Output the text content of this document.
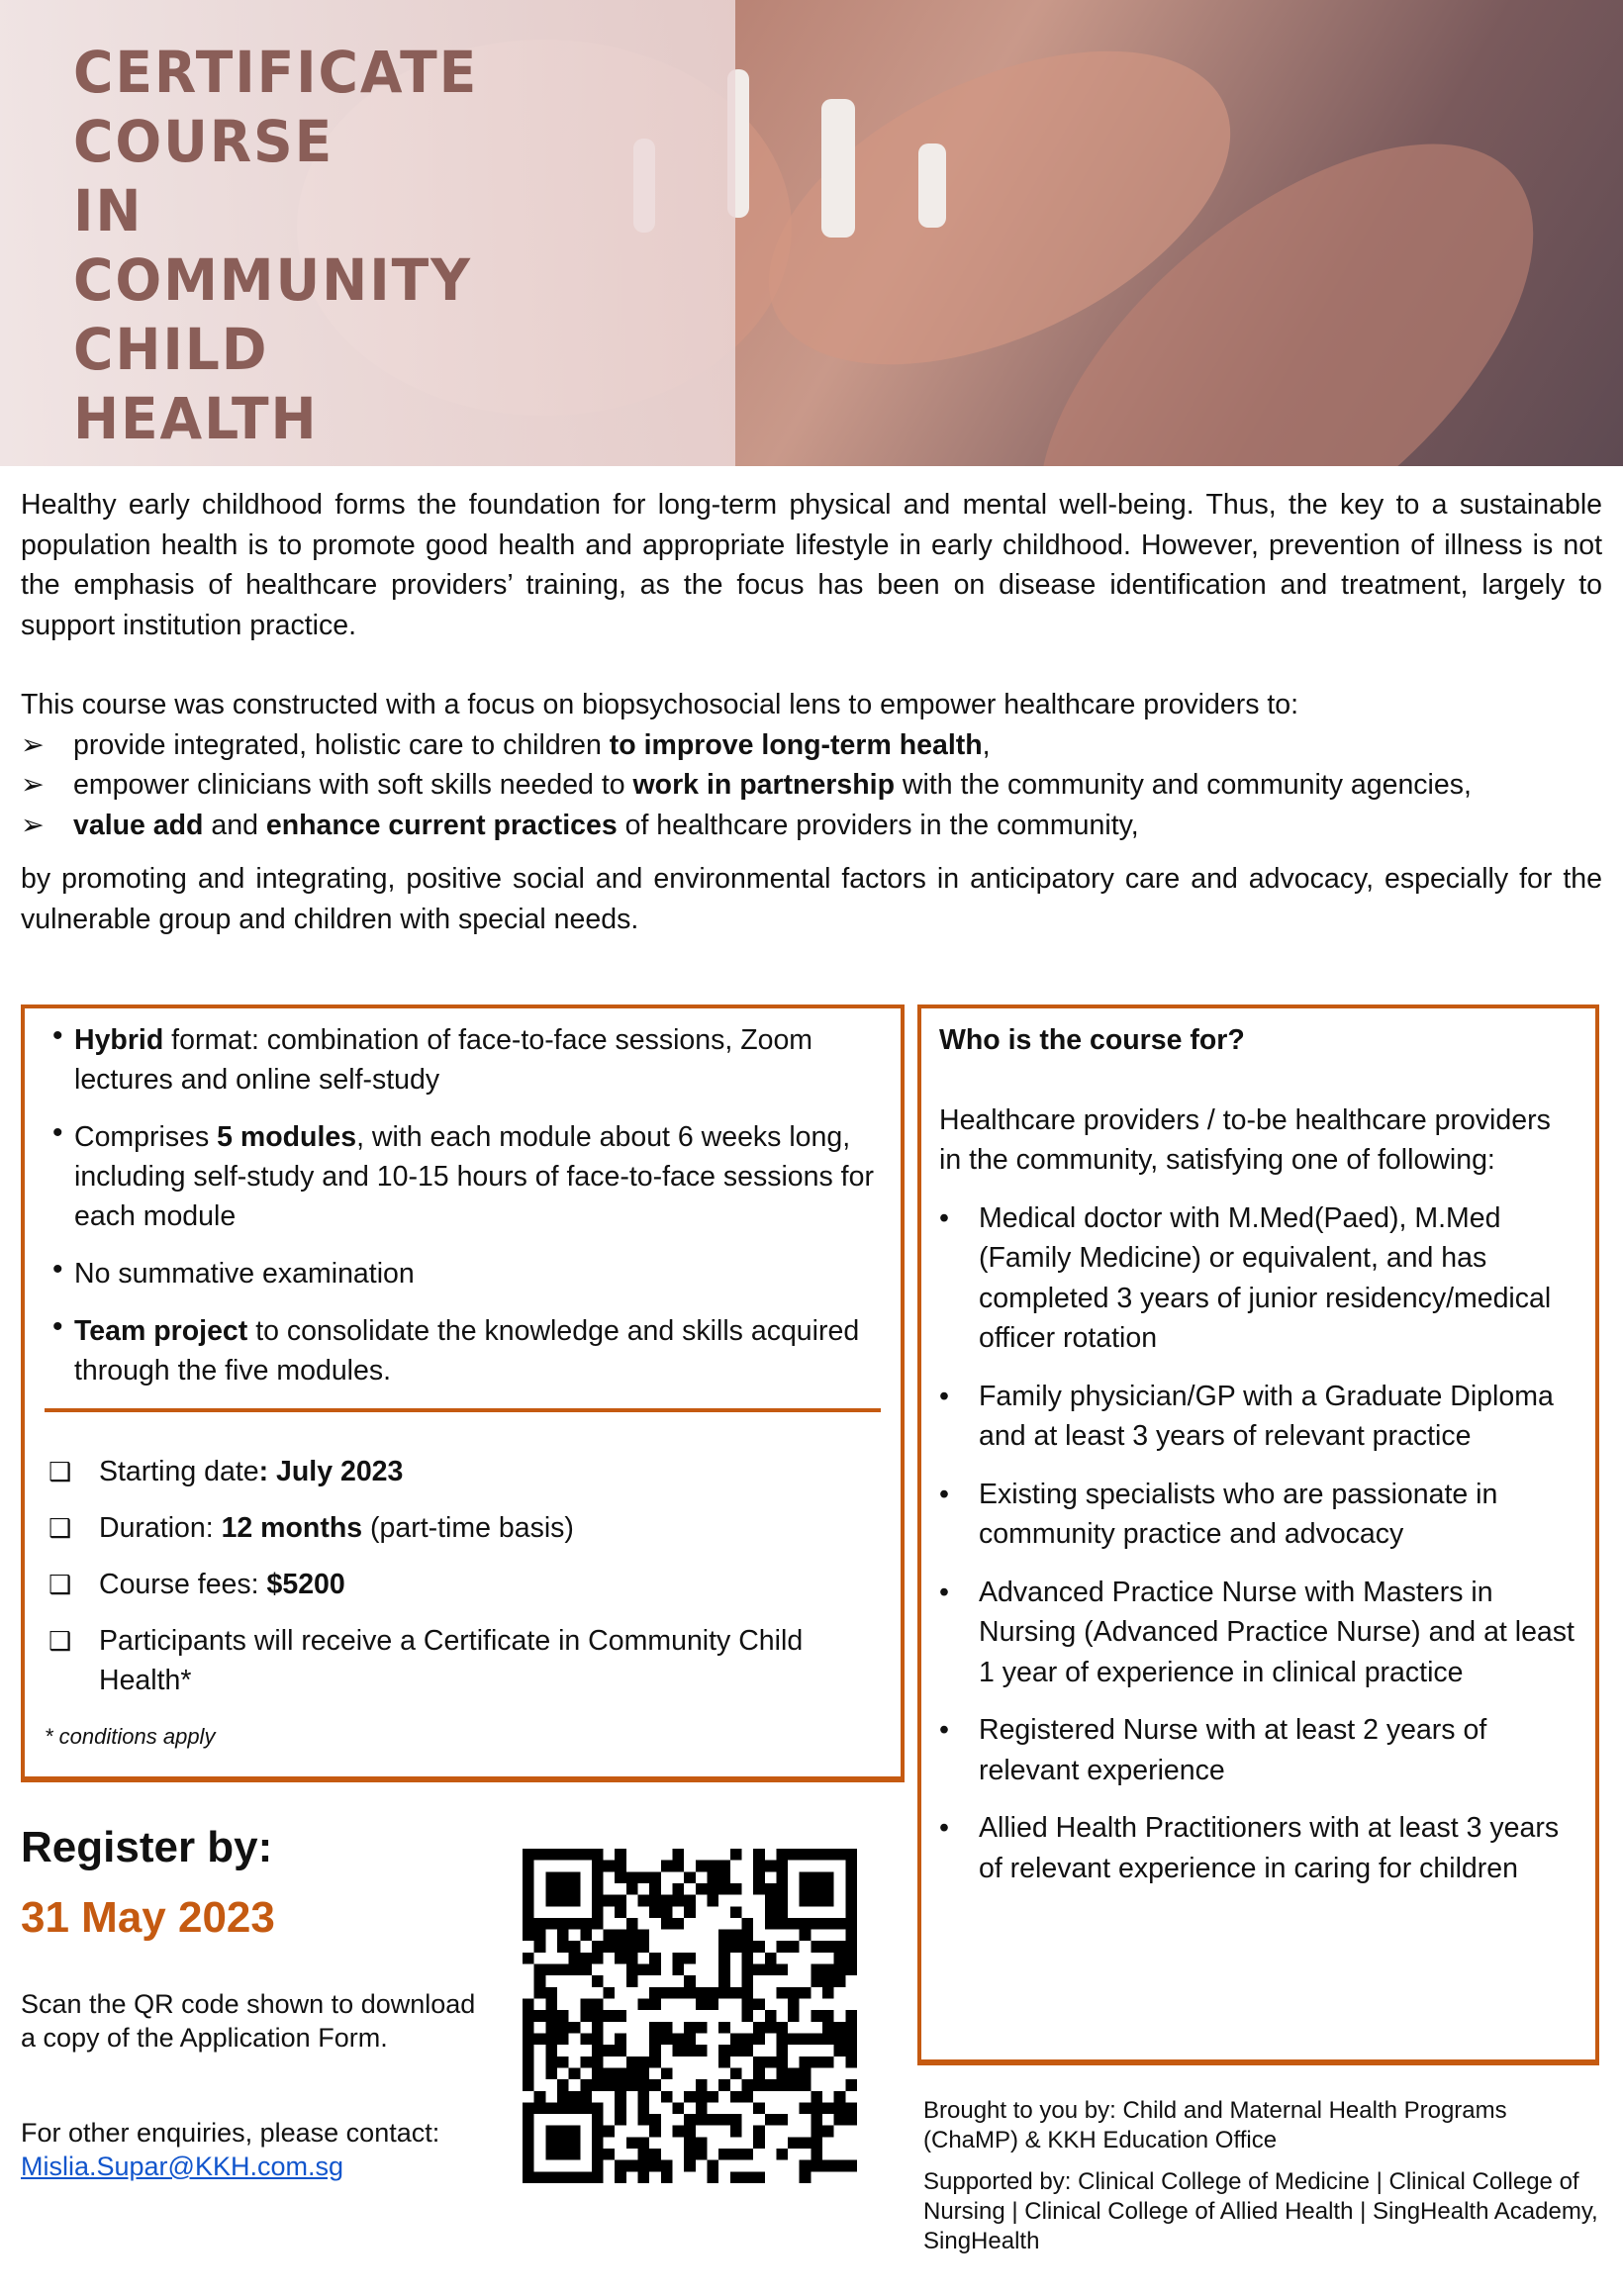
CERTIFICATE
COURSE
IN
COMMUNITY
CHILD
HEALTH

Healthy early childhood forms the foundation for long-term physical and mental well-being. Thus, the key to a sustainable population health is to promote good health and appropriate lifestyle in early childhood. However, prevention of illness is not the emphasis of healthcare providers’ training, as the focus has been on disease identification and treatment, largely to support institution practice.

This course was constructed with a focus on biopsychosocial lens to empower healthcare providers to:
➢ provide integrated, holistic care to children to improve long-term health,
➢ empower clinicians with soft skills needed to work in partnership with the community and community agencies,
➢ value add and enhance current practices of healthcare providers in the community,

by promoting and integrating, positive social and environmental factors in anticipatory care and advocacy, especially for the vulnerable group and children with special needs.

• Hybrid format: combination of face-to-face sessions, Zoom lectures and online self-study
• Comprises 5 modules, with each module about 6 weeks long, including self-study and 10-15 hours of face-to-face sessions for each module
• No summative examination
• Team project to consolidate the knowledge and skills acquired through the five modules.
❑ Starting date: July 2023
❑ Duration: 12 months (part-time basis)
❑ Course fees: $5200
❑ Participants will receive a Certificate in Community Child Health*
* conditions apply
Who is the course for?
Healthcare providers / to-be healthcare providers in the community, satisfying one of following:
• Medical doctor with M.Med(Paed), M.Med (Family Medicine) or equivalent, and has completed 3 years of junior residency/medical officer rotation
• Family physician/GP with a Graduate Diploma and at least 3 years of relevant practice
• Existing specialists who are passionate in community practice and advocacy
• Advanced Practice Nurse with Masters in Nursing (Advanced Practice Nurse) and at least 1 year of experience in clinical practice
• Registered Nurse with at least 2 years of relevant experience
• Allied Health Practitioners with at least 3 years of relevant experience in caring for children
Register by:
31 May 2023
Scan the QR code shown to download a copy of the Application Form.
For other enquiries, please contact:
Mislia.Supar@KKH.com.sg

Brought to you by: Child and Maternal Health Programs (ChaMP) & KKH Education Office

Supported by: Clinical College of Medicine | Clinical College of Nursing | Clinical College of Allied Health | SingHealth Academy, SingHealth
